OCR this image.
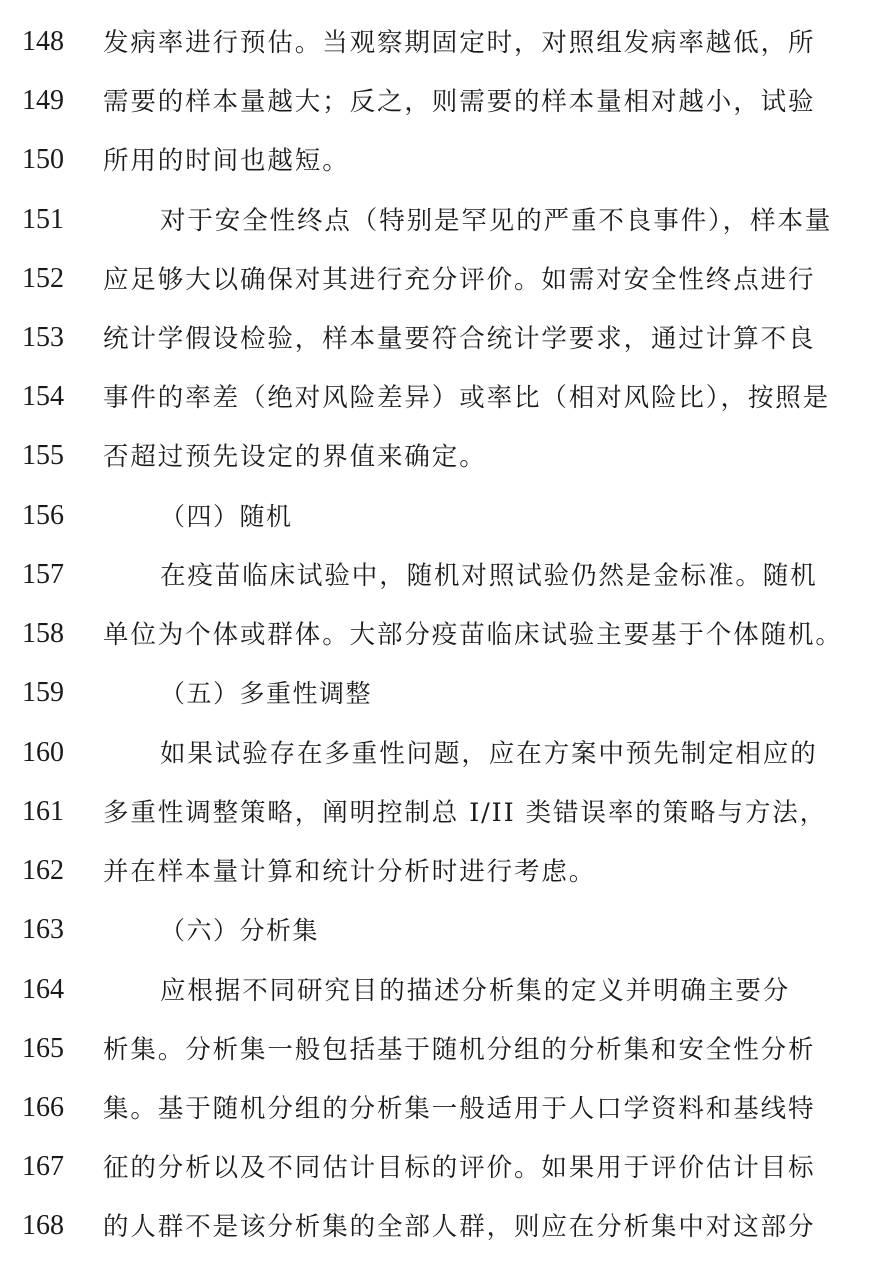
148	发病率进行预估。当观察期固定时，对照组发病率越低，所
149	需要的样本量越大；反之，则需要的样本量相对越小，试验
150	所用的时间也越短。
151	对于安全性终点（特别是罕见的严重不良事件），样本量
152	应足够大以确保对其进行充分评价。如需对安全性终点进行
153	统计学假设检验，样本量要符合统计学要求，通过计算不良
154	事件的率差（绝对风险差异）或率比（相对风险比），按照是
155	否超过预先设定的界值来确定。
156	（四）随机
157	在疫苗临床试验中，随机对照试验仍然是金标准。随机
158	单位为个体或群体。大部分疫苗临床试验主要基于个体随机。
159	（五）多重性调整
160	如果试验存在多重性问题，应在方案中预先制定相应的
161	多重性调整策略，阐明控制总 I/II 类错误率的策略与方法，
162	并在样本量计算和统计分析时进行考虑。
163	（六）分析集
164	应根据不同研究目的描述分析集的定义并明确主要分
165	析集。分析集一般包括基于随机分组的分析集和安全性分析
166	集。基于随机分组的分析集一般适用于人口学资料和基线特
167	征的分析以及不同估计目标的评价。如果用于评价估计目标
168	的人群不是该分析集的全部人群，则应在分析集中对这部分
